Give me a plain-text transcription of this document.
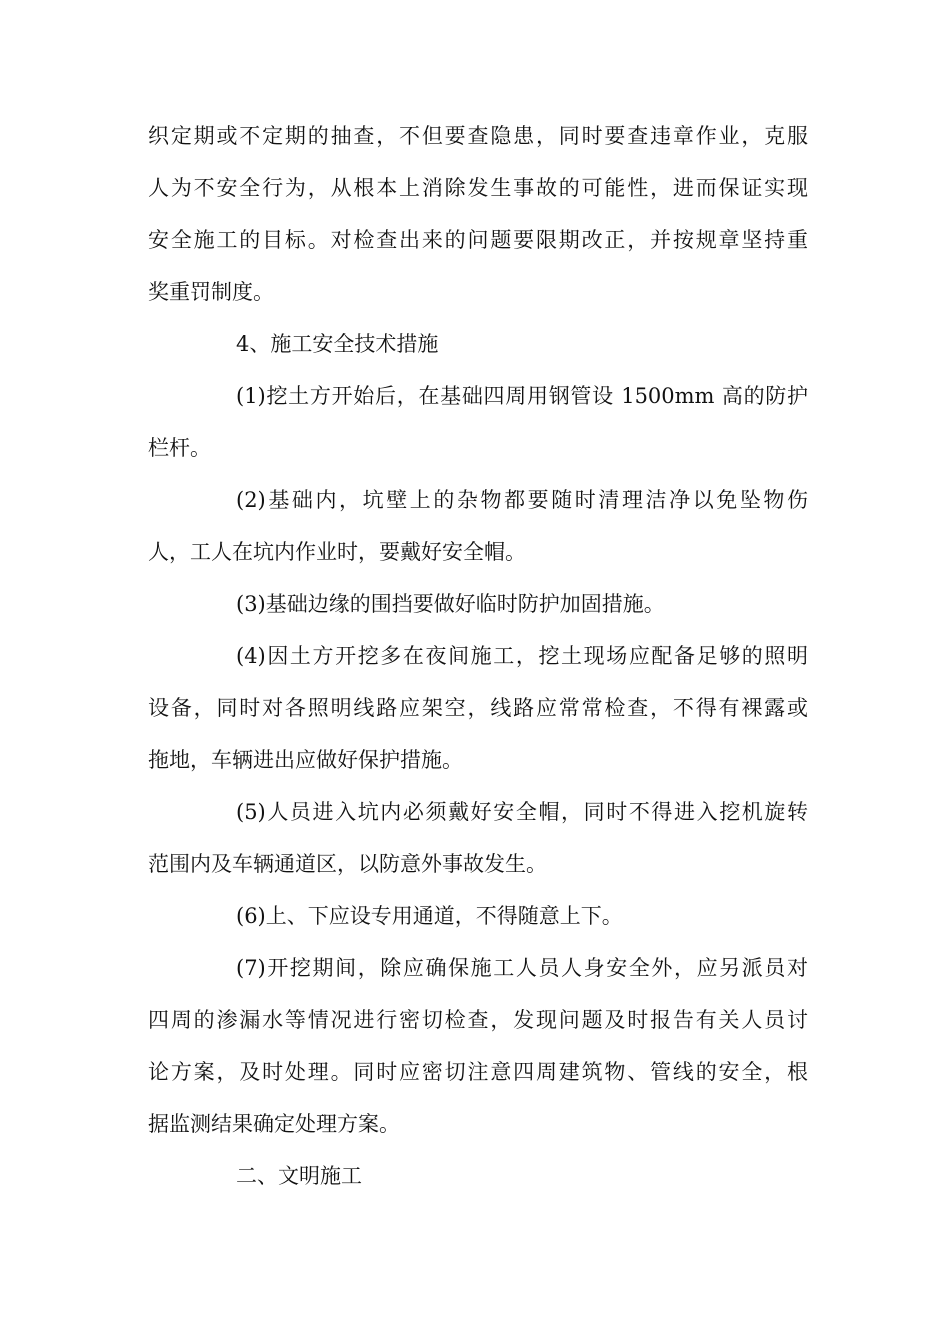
织定期或不定期的抽查，不但要查隐患，同时要查违章作业，克服
人为不安全行为，从根本上消除发生事故的可能性，进而保证实现
安全施工的目标。对检查出来的问题要限期改正，并按规章坚持重
奖重罚制度。
4、施工安全技术措施
(1)挖土方开始后，在基础四周用钢管设 1500mm 高的防护
栏杆。
(2)基础内，坑壁上的杂物都要随时清理洁净以免坠物伤
人，工人在坑内作业时，要戴好安全帽。
(3)基础边缘的围挡要做好临时防护加固措施。
(4)因土方开挖多在夜间施工，挖土现场应配备足够的照明
设备，同时对各照明线路应架空，线路应常常检查，不得有裸露或
拖地，车辆进出应做好保护措施。
(5)人员进入坑内必须戴好安全帽，同时不得进入挖机旋转
范围内及车辆通道区，以防意外事故发生。
(6)上、下应设专用通道，不得随意上下。
(7)开挖期间，除应确保施工人员人身安全外，应另派员对
四周的渗漏水等情况进行密切检查，发现问题及时报告有关人员讨
论方案，及时处理。同时应密切注意四周建筑物、管线的安全，根
据监测结果确定处理方案。
二、文明施工
